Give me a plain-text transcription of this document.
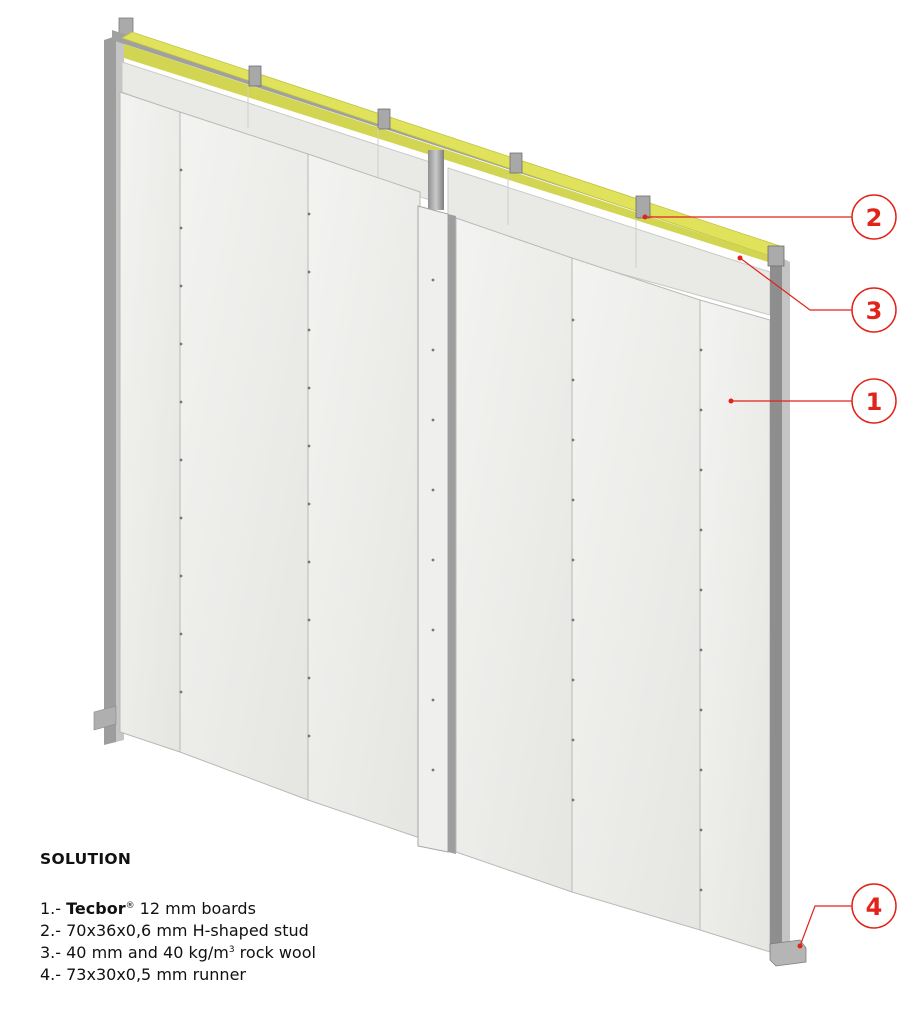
2
3
1
4
SOLUTION
1.- Tecbor® 12 mm boards
2.- 70x36x0,6 mm H-shaped stud
3.- 40 mm and 40 $kg/m^3$ rock wool
4.- 73x30x0,5 mm runner
